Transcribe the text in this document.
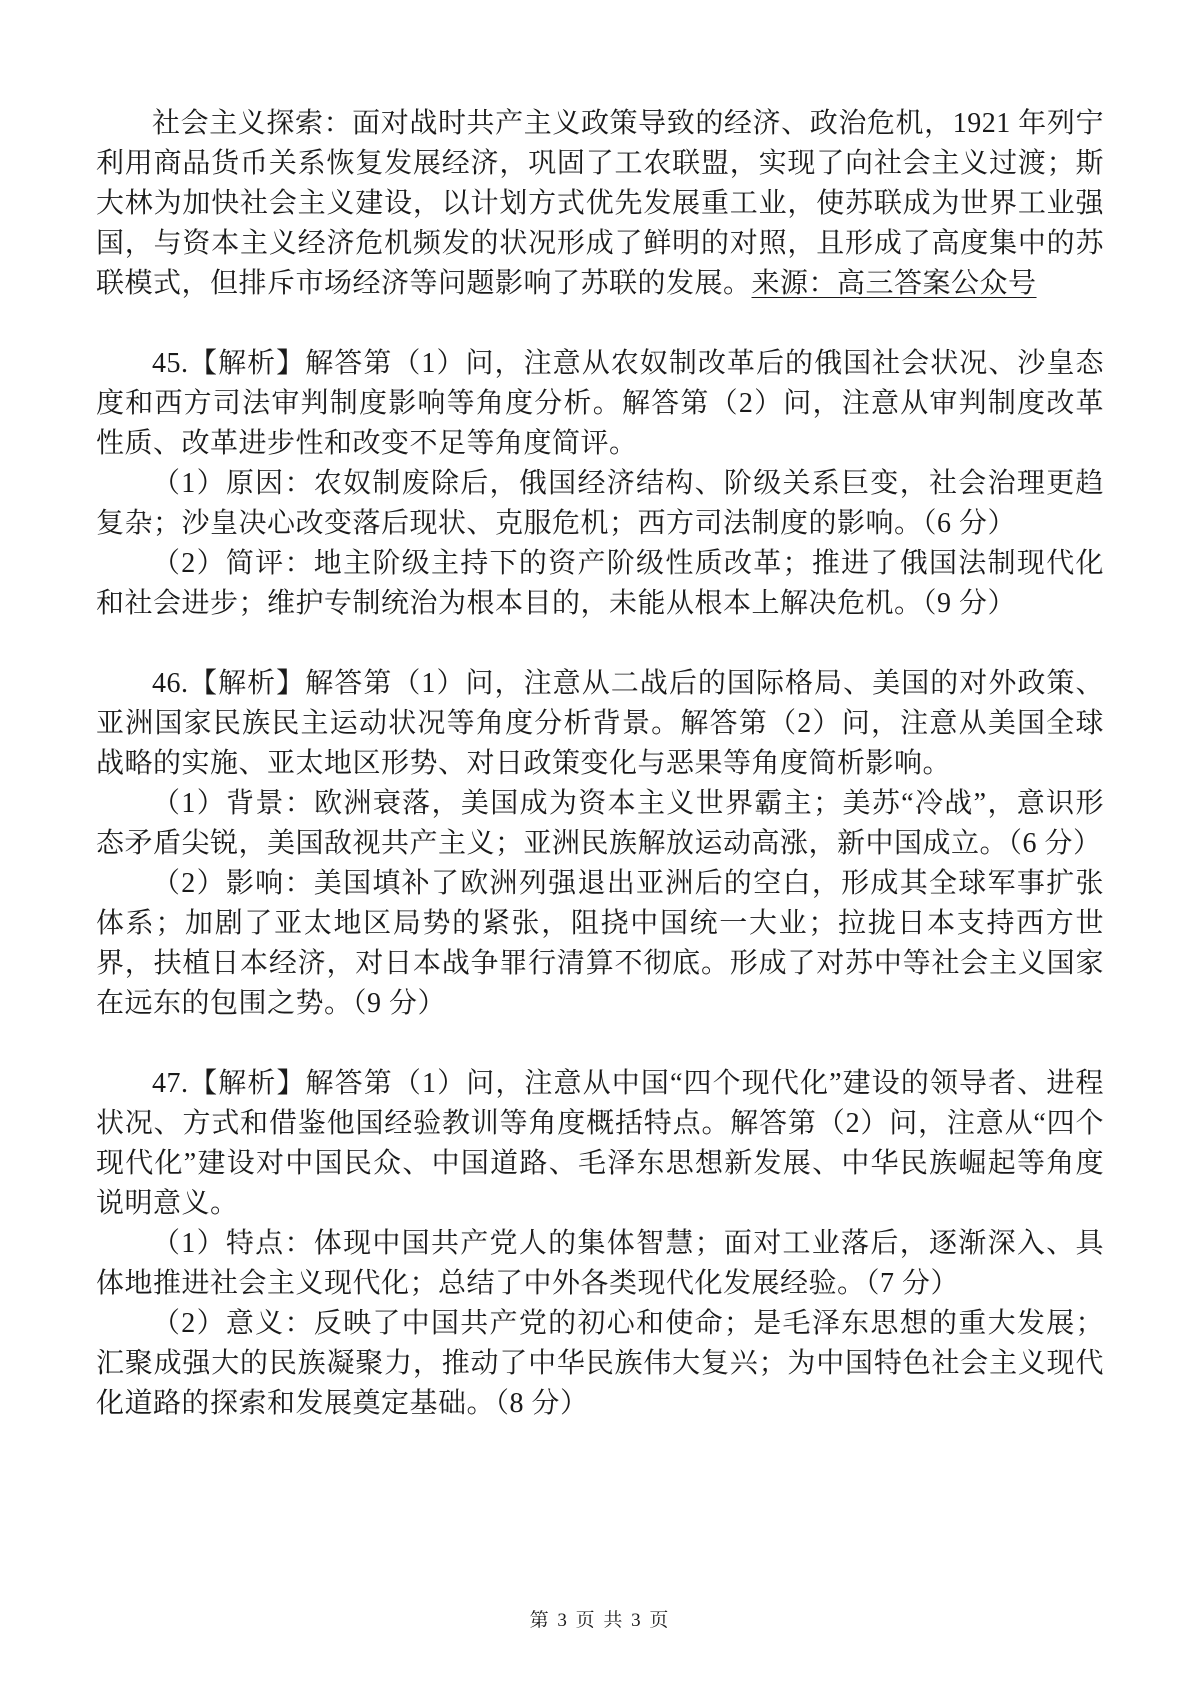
社会主义探索：面对战时共产主义政策导致的经济、政治危机，1921 年列宁利用商品货币关系恢复发展经济，巩固了工农联盟，实现了向社会主义过渡；斯大林为加快社会主义建设，以计划方式优先发展重工业，使苏联成为世界工业强国，与资本主义经济危机频发的状况形成了鲜明的对照，且形成了高度集中的苏联模式，但排斥市场经济等问题影响了苏联的发展。来源：高三答案公众号

45.【解析】解答第（1）问，注意从农奴制改革后的俄国社会状况、沙皇态度和西方司法审判制度影响等角度分析。解答第（2）问，注意从审判制度改革性质、改革进步性和改变不足等角度简评。

（1）原因：农奴制废除后，俄国经济结构、阶级关系巨变，社会治理更趋复杂；沙皇决心改变落后现状、克服危机；西方司法制度的影响。（6 分）

（2）简评：地主阶级主持下的资产阶级性质改革；推进了俄国法制现代化和社会进步；维护专制统治为根本目的，未能从根本上解决危机。（9 分）

46.【解析】解答第（1）问，注意从二战后的国际格局、美国的对外政策、亚洲国家民族民主运动状况等角度分析背景。解答第（2）问，注意从美国全球战略的实施、亚太地区形势、对日政策变化与恶果等角度简析影响。

（1）背景：欧洲衰落，美国成为资本主义世界霸主；美苏“冷战”，意识形态矛盾尖锐，美国敌视共产主义；亚洲民族解放运动高涨，新中国成立。（6 分）

（2）影响：美国填补了欧洲列强退出亚洲后的空白，形成其全球军事扩张体系；加剧了亚太地区局势的紧张，阻挠中国统一大业；拉拢日本支持西方世界，扶植日本经济，对日本战争罪行清算不彻底。形成了对苏中等社会主义国家在远东的包围之势。（9 分）

47.【解析】解答第（1）问，注意从中国“四个现代化”建设的领导者、进程状况、方式和借鉴他国经验教训等角度概括特点。解答第（2）问，注意从“四个现代化”建设对中国民众、中国道路、毛泽东思想新发展、中华民族崛起等角度说明意义。

（1）特点：体现中国共产党人的集体智慧；面对工业落后，逐渐深入、具体地推进社会主义现代化；总结了中外各类现代化发展经验。（7 分）

（2）意义：反映了中国共产党的初心和使命；是毛泽东思想的重大发展；汇聚成强大的民族凝聚力，推动了中华民族伟大复兴；为中国特色社会主义现代化道路的探索和发展奠定基础。（8 分）

第 3 页 共 3 页
